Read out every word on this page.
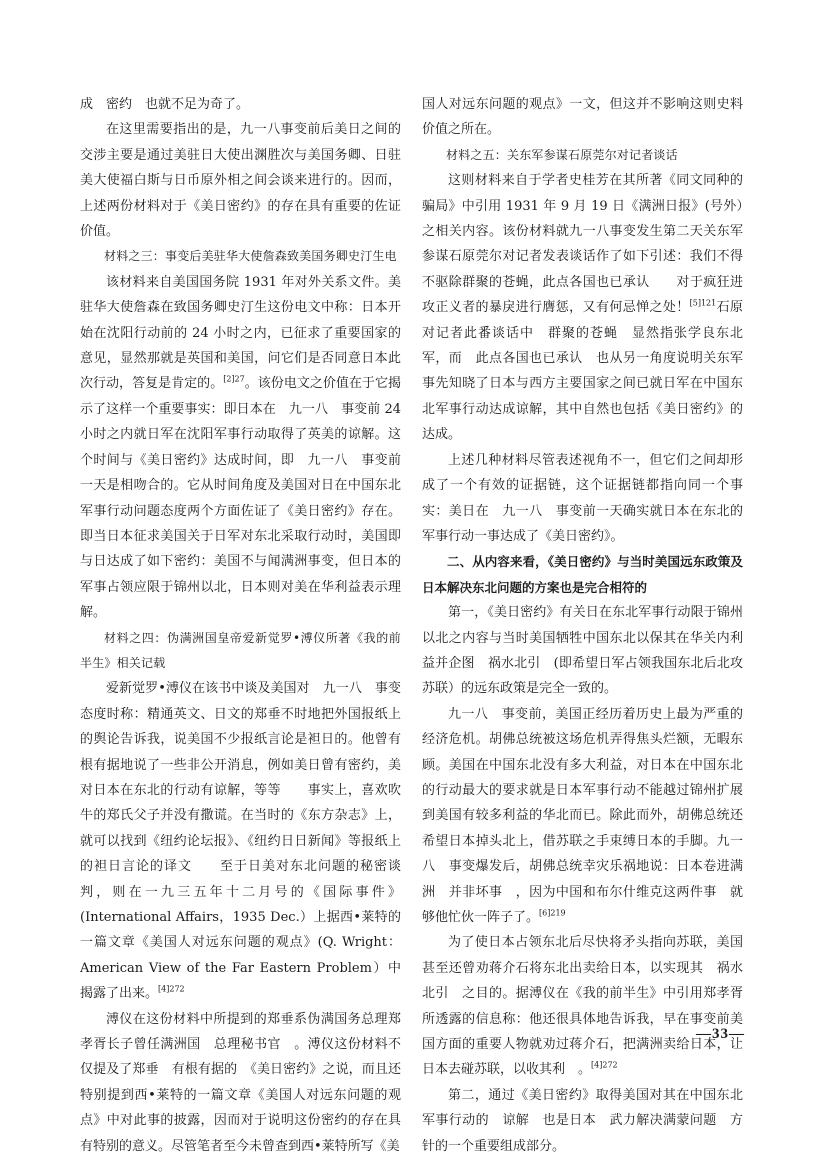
成　密约　也就不足为奇了。

在这里需要指出的是，九一八事变前后美日之间的交涉主要是通过美驻日大使出渊胜次与美国务卿、日驻美大使福白斯与日币原外相之间会谈来进行的。因而，上述两份材料对于《美日密约》的存在具有重要的佐证价值。

材料之三：事变后美驻华大使詹森致美国务卿史汀生电

该材料来自美国国务院 1931 年对外关系文件。美驻华大使詹森在致国务卿史汀生这份电文中称：日本开始在沈阳行动前的 24 小时之内，已征求了重要国家的意见，显然那就是英国和美国，问它们是否同意日本此次行动，答复是肯定的。$^{[2]27}$。该份电文之价值在于它揭示了这样一个重要事实：即日本在　九一八　事变前 24 小时之内就日军在沈阳军事行动取得了英美的谅解。这个时间与《美日密约》达成时间，即　九一八　事变前一天是相吻合的。它从时间角度及美国对日在中国东北军事行动问题态度两个方面佐证了《美日密约》存在。即当日本征求美国关于日军对东北采取行动时，美国即与日达成了如下密约：美国不与闻满洲事变，但日本的军事占领应限于锦州以北，日本则对美在华利益表示理解。

材料之四：伪满洲国皇帝爱新觉罗•溥仪所著《我的前半生》相关记载

爱新觉罗•溥仪在该书中谈及美国对　九一八　事变态度时称：精通英文、日文的郑垂不时地把外国报纸上的舆论告诉我，说美国不少报纸言论是袒日的。他曾有根有据地说了一些非公开消息，例如美日曾有密约，美对日本在东北的行动有谅解，等等　　事实上，喜欢吹牛的郑氏父子并没有撒谎。在当时的《东方杂志》上，就可以找到《纽约论坛报》、《纽约日日新闻》等报纸上的袒日言论的译文　　至于日美对东北问题的秘密谈判，则在一九三五年十二月号的《国际事件》(International Affairs，1935 Dec.）上据西•莱特的一篇文章《美国人对远东问题的观点》(Q. Wright：American View of the Far Eastern Problem）中揭露了出来。$^{[4]272}$

溥仪在这份材料中所提到的郑垂系伪满国务总理郑孝胥长子曾任满洲国　总理秘书官　。溥仪这份材料不仅提及了郑垂　有根有据的　《美日密约》之说，而且还特别提到西•莱特的一篇文章《美国人对远东问题的观点》中对此事的披露，因而对于说明这份密约的存在具有特别的意义。尽管笔者至今未曾查到西•莱特所写《美

国人对远东问题的观点》一文，但这并不影响这则史料价值之所在。

材料之五：关东军参谋石原莞尔对记者谈话

这则材料来自于学者史桂芳在其所著《同文同种的骗局》中引用 1931 年 9 月 19 日《满洲日报》(号外）之相关内容。该份材料就九一八事变发生第二天关东军参谋石原莞尔对记者发表谈话作了如下引述：我们不得不驱除群聚的苍蝇，此点各国也已承认　　对于疯狂进攻正义者的暴戾进行膺惩，又有何忌惮之处！$^{[5]121}$石原对记者此番谈话中　群聚的苍蝇　显然指张学良东北军，而　此点各国也已承认　也从另一角度说明关东军事先知晓了日本与西方主要国家之间已就日军在中国东北军事行动达成谅解，其中自然也包括《美日密约》的达成。

上述几种材料尽管表述视角不一，但它们之间却形成了一个有效的证据链，这个证据链都指向同一个事实：美日在　九一八　事变前一天确实就日本在东北的军事行动一事达成了《美日密约》。

二、从内容来看，《美日密约》与当时美国远东政策及日本解决东北问题的方案也是完合相符的

第一，《美日密约》有关日在东北军事行动限于锦州以北之内容与当时美国牺牲中国东北以保其在华关内利益并企图　祸水北引　(即希望日军占领我国东北后北攻苏联）的远东政策是完全一致的。

九一八　事变前，美国正经历着历史上最为严重的经济危机。胡佛总统被这场危机弄得焦头烂额，无暇东顾。美国在中国东北没有多大利益，对日本在中国东北的行动最大的要求就是日本军事行动不能越过锦州扩展到美国有较多利益的华北而已。除此而外，胡佛总统还希望日本掉头北上，借苏联之手束缚日本的手脚。九一八　事变爆发后，胡佛总统幸灾乐祸地说：日本卷进满洲　并非坏事　，因为中国和布尔什维克这两件事　就够他忙伙一阵子了。$^{[6]219}$

为了使日本占领东北后尽快将矛头指向苏联，美国甚至还曾劝蒋介石将东北出卖给日本，以实现其　祸水北引　之目的。据溥仪在《我的前半生》中引用郑孝胥所透露的信息称：他还很具体地告诉我，早在事变前美国方面的重要人物就劝过蒋介石，把满洲卖给日本，让日本去碰苏联，以收其利　。$^{[4]272}$

第二，通过《美日密约》取得美国对其在中国东北军事行动的　谅解　也是日本　武力解决满蒙问题　方针的一个重要组成部分。

—33—
